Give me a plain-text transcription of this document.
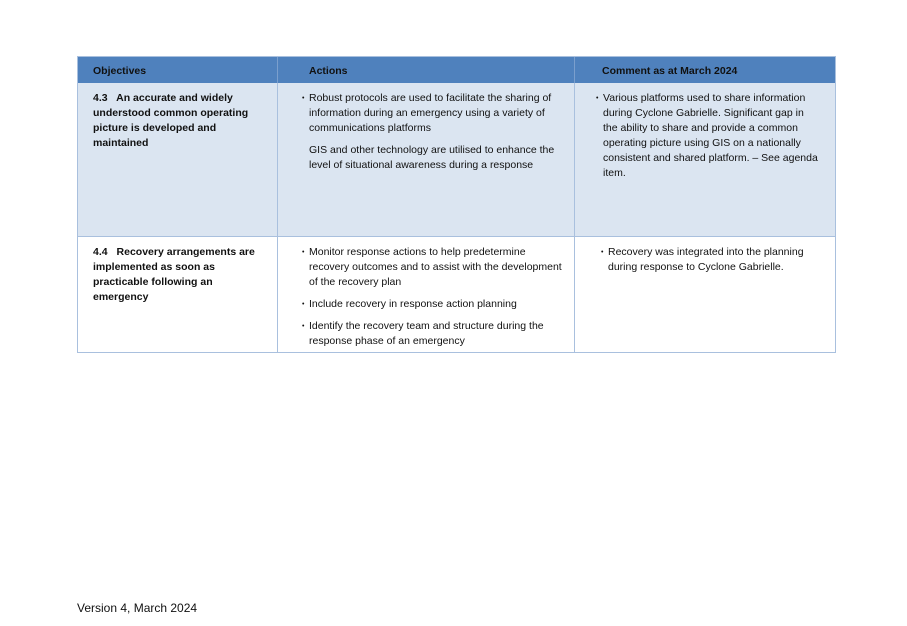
Objectives	Actions	Comment as at March 2024
4.3 An accurate and widely understood common operating picture is developed and maintained
• Robust protocols are used to facilitate the sharing of information during an emergency using a variety of communications platforms
GIS and other technology are utilised to enhance the level of situational awareness during a response
• Various platforms used to share information during Cyclone Gabrielle. Significant gap in the ability to share and provide a common operating picture using GIS on a nationally consistent and shared platform. – See agenda item.
4.4 Recovery arrangements are implemented as soon as practicable following an emergency
• Monitor response actions to help predetermine recovery outcomes and to assist with the development of the recovery plan
• Include recovery in response action planning
• Identify the recovery team and structure during the response phase of an emergency
• Recovery was integrated into the planning during response to Cyclone Gabrielle.
Version 4, March 2024
